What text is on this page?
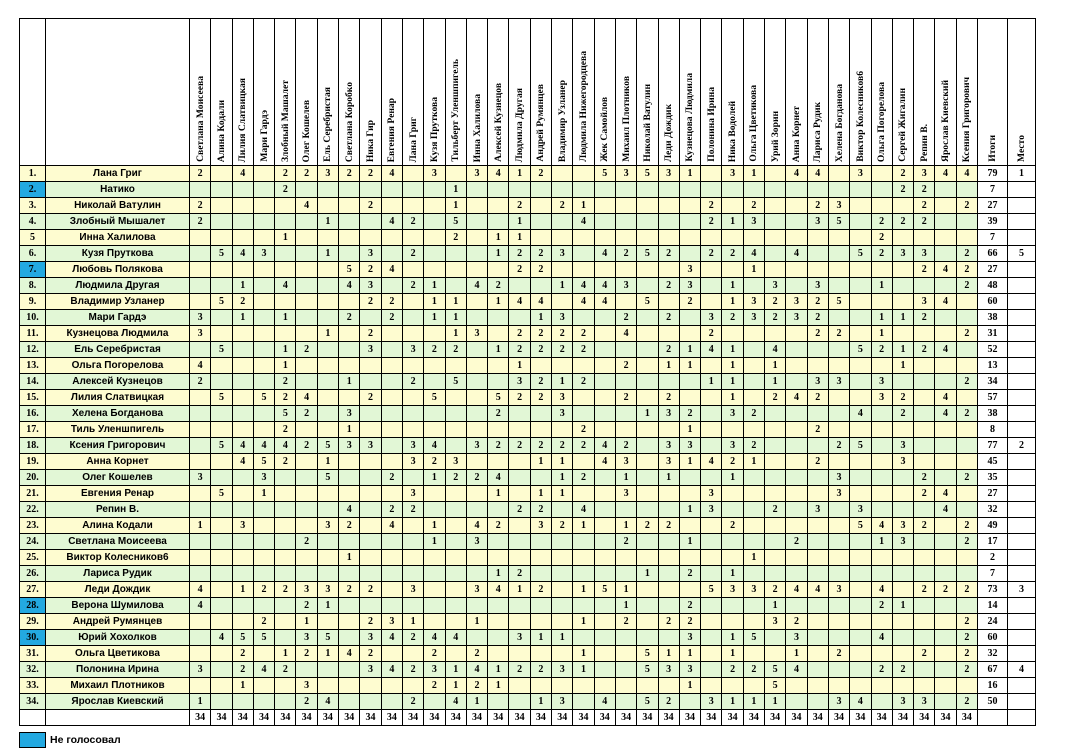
		Светлана Моисеева	Алина Кодали	Лилия Слатвицкая	Мари Гардэ	Злобный Машалет	Олег Кошелев	Ель Серебристая	Светлана Коробко	Ника Гир	Евгения Ренар	Лана Григ	Кузя Пруткова	Тильберт Уленшпигель	Инна Халилова	Алексей Кузнецов	Людмила Другая	Андрей Румянцев	Владимир Узланер	Людмила Нижегородцева	Жек Самойлов	Михаил Плотников	Николай Ватулин	Леди Дождик	Кузнецова Людмила	Полонина Ирина	Ника Водолей	Ольга Цветикова	Урий Зорин	Анна Корнет	Лариса Рудик	Хелена Богданова	Виктор Колесников6	Ольга Погорелова	Сергей Жигалин	Репин В.	Ярослав Киевский	Ксения Григорович	Итоги	Место
1.	Лана Григ	2		4		2	2	3	2	2	4		3		3	4	1	2			5	3	5	3	1		3	1		4	4		3		2	3	4	4	79	1
2.	Натико					2								1																					2	2			7	
3.	Николай Ватулин	2					4			2				1			2		2	1						2		2			2	3				2		2	27	
4.	Злобный Мышалет	2						1			4	2		5			1			4						2	1	3			3	5		2	2	2			39	
5	Инна Халилова					1								2		1	1																	2					7	
6.	Кузя Пруткова		5	4	3			1		3		2				1	2	2	3		4	2	5	2		2	2	4		4			5	2	3	3		2	66	5
7.	Любовь Полякова								5	2	4						2	2							3			1								2	4	2	27	
8.	Людмила Другая			1		4			4	3		2	1		4	2			1	4	4	3		2	3		1		3		3			1				2	48	
9.	Владимир Узланер		5	2						2	2		1	1		1	4	4		4	4		5		2		1	3	2	3	2	5				3	4		60	
10.	Мари Гардэ	3		1		1			2		2		1	1				1	3			2		2		3	2	3	2	3	2			1	1	2			38	
11.	Кузнецова Людмила	3						1		2				1	3		2	2	2	2		4				2					2	2		1				2	31	
12.	Ель Серебристая		5			1	2			3		3	2	2		1	2	2	2	2				2	1	4	1		4				5	2	1	2	4		52	
13.	Ольга Погорелова	4				1											1					2		1	1		1		1						1				13	
14.	Алексей Кузнецов	2				2			1			2		5			3	2	1	2						1	1		1		3	3		3				2	34	
15.	Лилия Слатвицкая		5		5	2	4			2			5			5	2	2	3			2		2			1		2	4	2			3	2		4		57	
16.	Хелена Богданова					5	2		3							2			3				1	3	2		3	2					4		2		4	2	38	
17.	Тиль Уленшпигель					2			1											2					1						2								8	
18.	Ксения Григорович		5	4	4	4	2	5	3	3		3	4		3	2	2	2	2	2	4	2		3	3		3	2				2	5		3				77	2
19.	Анна Корнет			4	5	2		1				3	2	3				1	1		4	3		3	1	4	2	1			2				3				45	
20.	Олег Кошелев	3			3			5			2		1	2	2	4			1	2		1		1			1					3				2		2	35	
21.	Евгения Ренар		5		1							3				1		1	1			3				3						3				2	4		27	
22.	Репин В.								4		2	2					2	2		4					1	3			2		3		3				4		32	
23.	Алина Кодали	1		3				3	2		4		1		4	2		3	2	1		1	2	2			2						5	4	3	2		2	49	
24.	Светлана Моисеева						2						1		3							2			1					2				1	3			2	17	
25.	Виктор Колесников6								1																			1											2	
26.	Лариса Рудик															1	2						1		2		1												7	
27.	Леди Дождик	4		1	2	2	3	3	2	2		3			3	4	1	2		1	5	1				5	3	3	2	4	4	3		4		2	2	2	73	3
28.	Верона Шумилова	4					2	1														1			2				1					2	1				14	
29.	Андрей Румянцев				2		1			2	3	1			1					1		2		2	2				3	2								2	24	
30.	Юрий Хохолков		4	5	5		3	5		3	4	2	4	4			3	1	1						3		1	5		3				4				2	60	
31.	Ольга Цветикова			2		1	2	1	4	2			2		2					1			5	1	1		1			1		2				2		2	32	
32.	Полонина Ирина	3		2	4	2				3	4	2	3	1	4	1	2	2	3	1			5	3	3		2	2	5	4				2	2			2	67	4
33.	Михаил Плотников			1			3						2	1	2	1									1				5										16	
34.	Ярослав Киевский	1					2	4				2		4	1			1	3		4		5	2		3	1	1	1			3	4		3	3		2	50	
		34	34	34	34	34	34	34	34	34	34	34	34	34	34	34	34	34	34	34	34	34	34	34	34	34	34	34	34	34	34	34	34	34	34	34	34	34		
Не голосовал
